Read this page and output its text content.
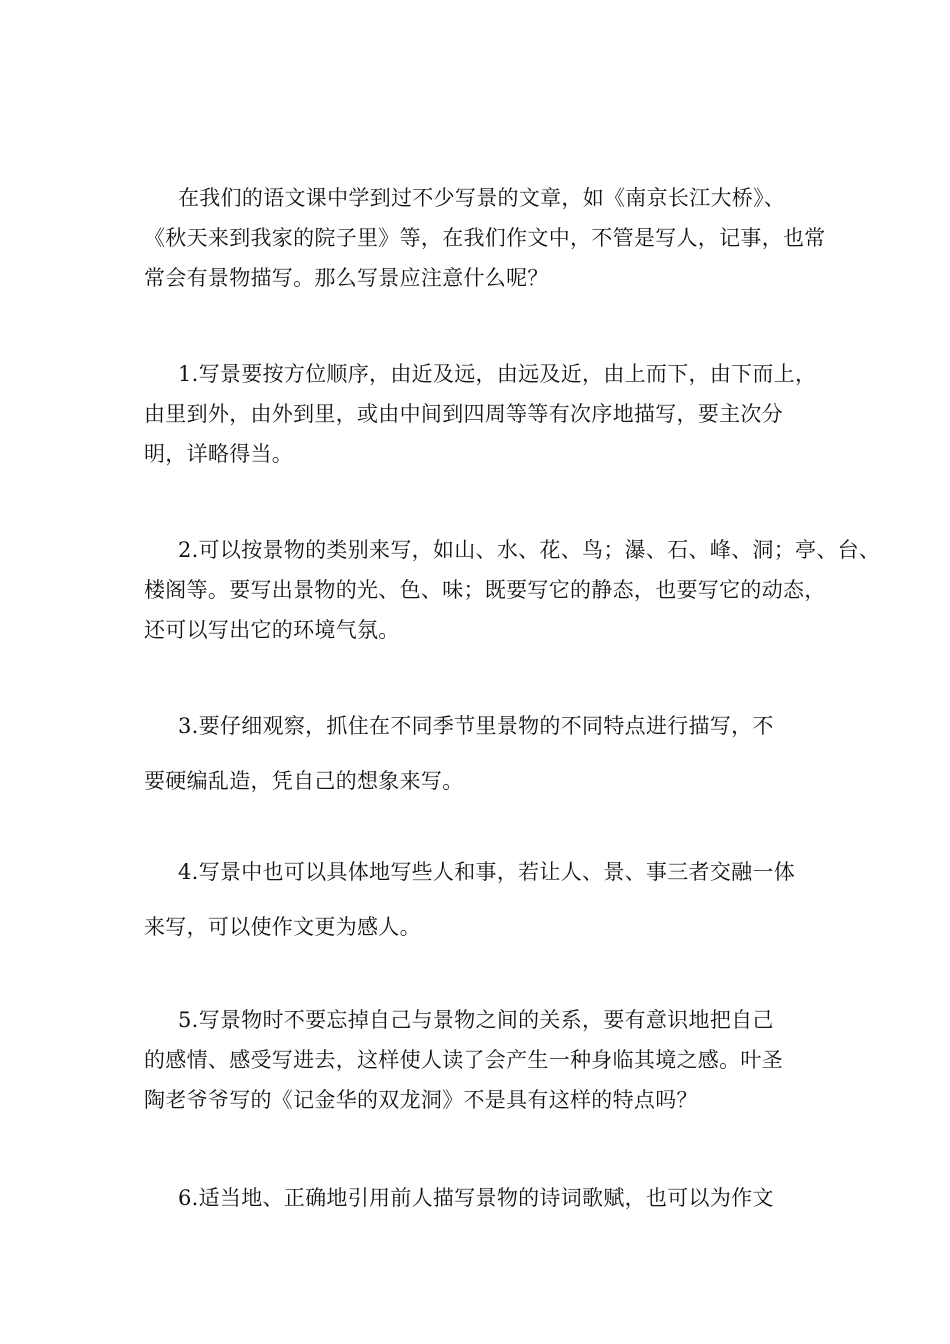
在我们的语文课中学到过不少写景的文章，如《南京长江大桥》、
《秋天来到我家的院子里》等，在我们作文中，不管是写人，记事，也常
常会有景物描写。那么写景应注意什么呢？

1.写景要按方位顺序，由近及远，由远及近，由上而下，由下而上，
由里到外，由外到里，或由中间到四周等等有次序地描写，要主次分
明，详略得当。

2.可以按景物的类别来写，如山、水、花、鸟；瀑、石、峰、洞；亭、台、
楼阁等。要写出景物的光、色、味；既要写它的静态，也要写它的动态，
还可以写出它的环境气氛。

3.要仔细观察，抓住在不同季节里景物的不同特点进行描写，不
要硬编乱造，凭自己的想象来写。

4.写景中也可以具体地写些人和事，若让人、景、事三者交融一体
来写，可以使作文更为感人。

5.写景物时不要忘掉自己与景物之间的关系，要有意识地把自己
的感情、感受写进去，这样使人读了会产生一种身临其境之感。叶圣
陶老爷爷写的《记金华的双龙洞》不是具有这样的特点吗？

6.适当地、正确地引用前人描写景物的诗词歌赋，也可以为作文
